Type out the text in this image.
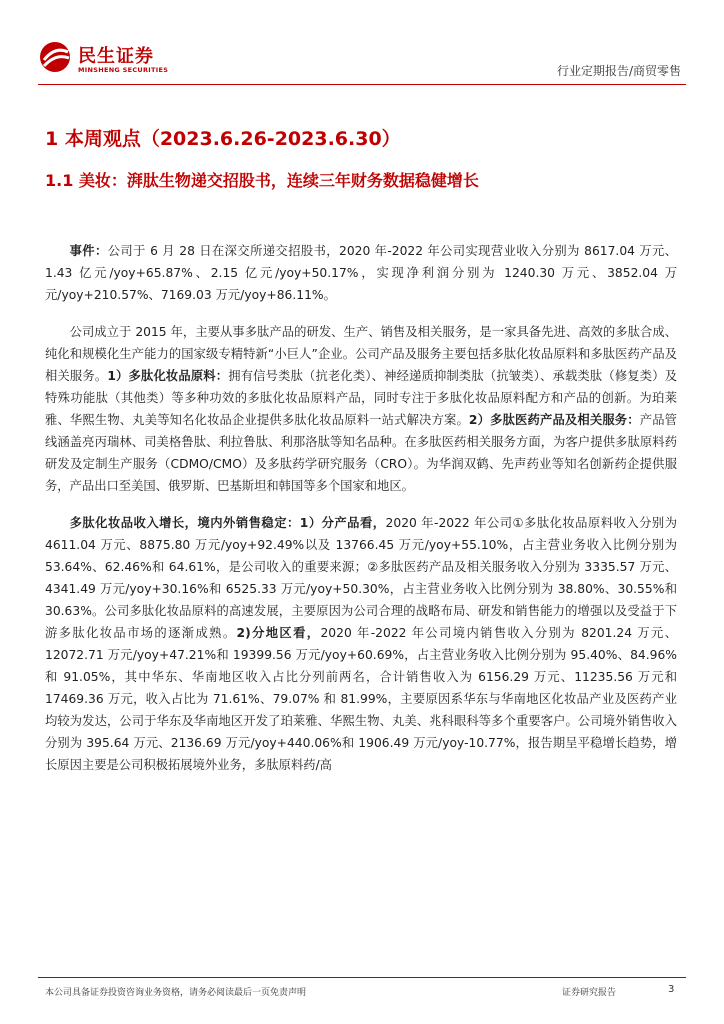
民生证券
MINSHENG SECURITIES	行业定期报告/商贸零售
1 本周观点（2023.6.26-2023.6.30）
1.1 美妆：湃肽生物递交招股书，连续三年财务数据稳健增长

事件：公司于 6 月 28 日在深交所递交招股书，2020 年-2022 年公司实现营业收入分别为 8617.04 万元、1.43 亿元/yoy+65.87%、2.15 亿元/yoy+50.17%，实现净利润分别为 1240.30 万元、3852.04 万元/yoy+210.57%、7169.03 万元/yoy+86.11%。

公司成立于 2015 年，主要从事多肽产品的研发、生产、销售及相关服务，是一家具备先进、高效的多肽合成、纯化和规模化生产能力的国家级专精特新“小巨人”企业。公司产品及服务主要包括多肽化妆品原料和多肽医药产品及相关服务。1）多肽化妆品原料：拥有信号类肽（抗老化类）、神经递质抑制类肽（抗皱类）、承载类肽（修复类）及特殊功能肽（其他类）等多种功效的多肽化妆品原料产品，同时专注于多肽化妆品原料配方和产品的创新。为珀莱雅、华熙生物、丸美等知名化妆品企业提供多肽化妆品原料一站式解决方案。2）多肽医药产品及相关服务：产品管线涵盖亮丙瑞林、司美格鲁肽、利拉鲁肽、利那洛肽等知名品种。在多肽医药相关服务方面，为客户提供多肽原料药研发及定制生产服务（CDMO/CMO）及多肽药学研究服务（CRO）。为华润双鹤、先声药业等知名创新药企提供服务，产品出口至美国、俄罗斯、巴基斯坦和韩国等多个国家和地区。

多肽化妆品收入增长，境内外销售稳定：1）分产品看，2020 年-2022 年公司①多肽化妆品原料收入分别为 4611.04 万元、8875.80 万元/yoy+92.49%以及 13766.45 万元/yoy+55.10%，占主营业务收入比例分别为 53.64%、62.46%和 64.61%，是公司收入的重要来源；②多肽医药产品及相关服务收入分别为 3335.57 万元、4341.49 万元/yoy+30.16%和 6525.33 万元/yoy+50.30%，占主营业务收入比例分别为 38.80%、30.55%和 30.63%。公司多肽化妆品原料的高速发展，主要原因为公司合理的战略布局、研发和销售能力的增强以及受益于下游多肽化妆品市场的逐渐成熟。2)分地区看，2020 年-2022 年公司境内销售收入分别为 8201.24 万元、12072.71 万元/yoy+47.21%和 19399.56 万元/yoy+60.69%，占主营业务收入比例分别为 95.40%、84.96%和 91.05%，其中华东、华南地区收入占比分列前两名，合计销售收入为 6156.29 万元、11235.56 万元和 17469.36 万元，收入占比为 71.61%、79.07% 和 81.99%，主要原因系华东与华南地区化妆品产业及医药产业均较为发达，公司于华东及华南地区开发了珀莱雅、华熙生物、丸美、兆科眼科等多个重要客户。公司境外销售收入分别为 395.64 万元、2136.69 万元/yoy+440.06%和 1906.49 万元/yoy-10.77%，报告期呈平稳增长趋势，增长原因主要是公司积极拓展境外业务，多肽原料药/高

本公司具备证券投资咨询业务资格，请务必阅读最后一页免责声明	证券研究报告	3
